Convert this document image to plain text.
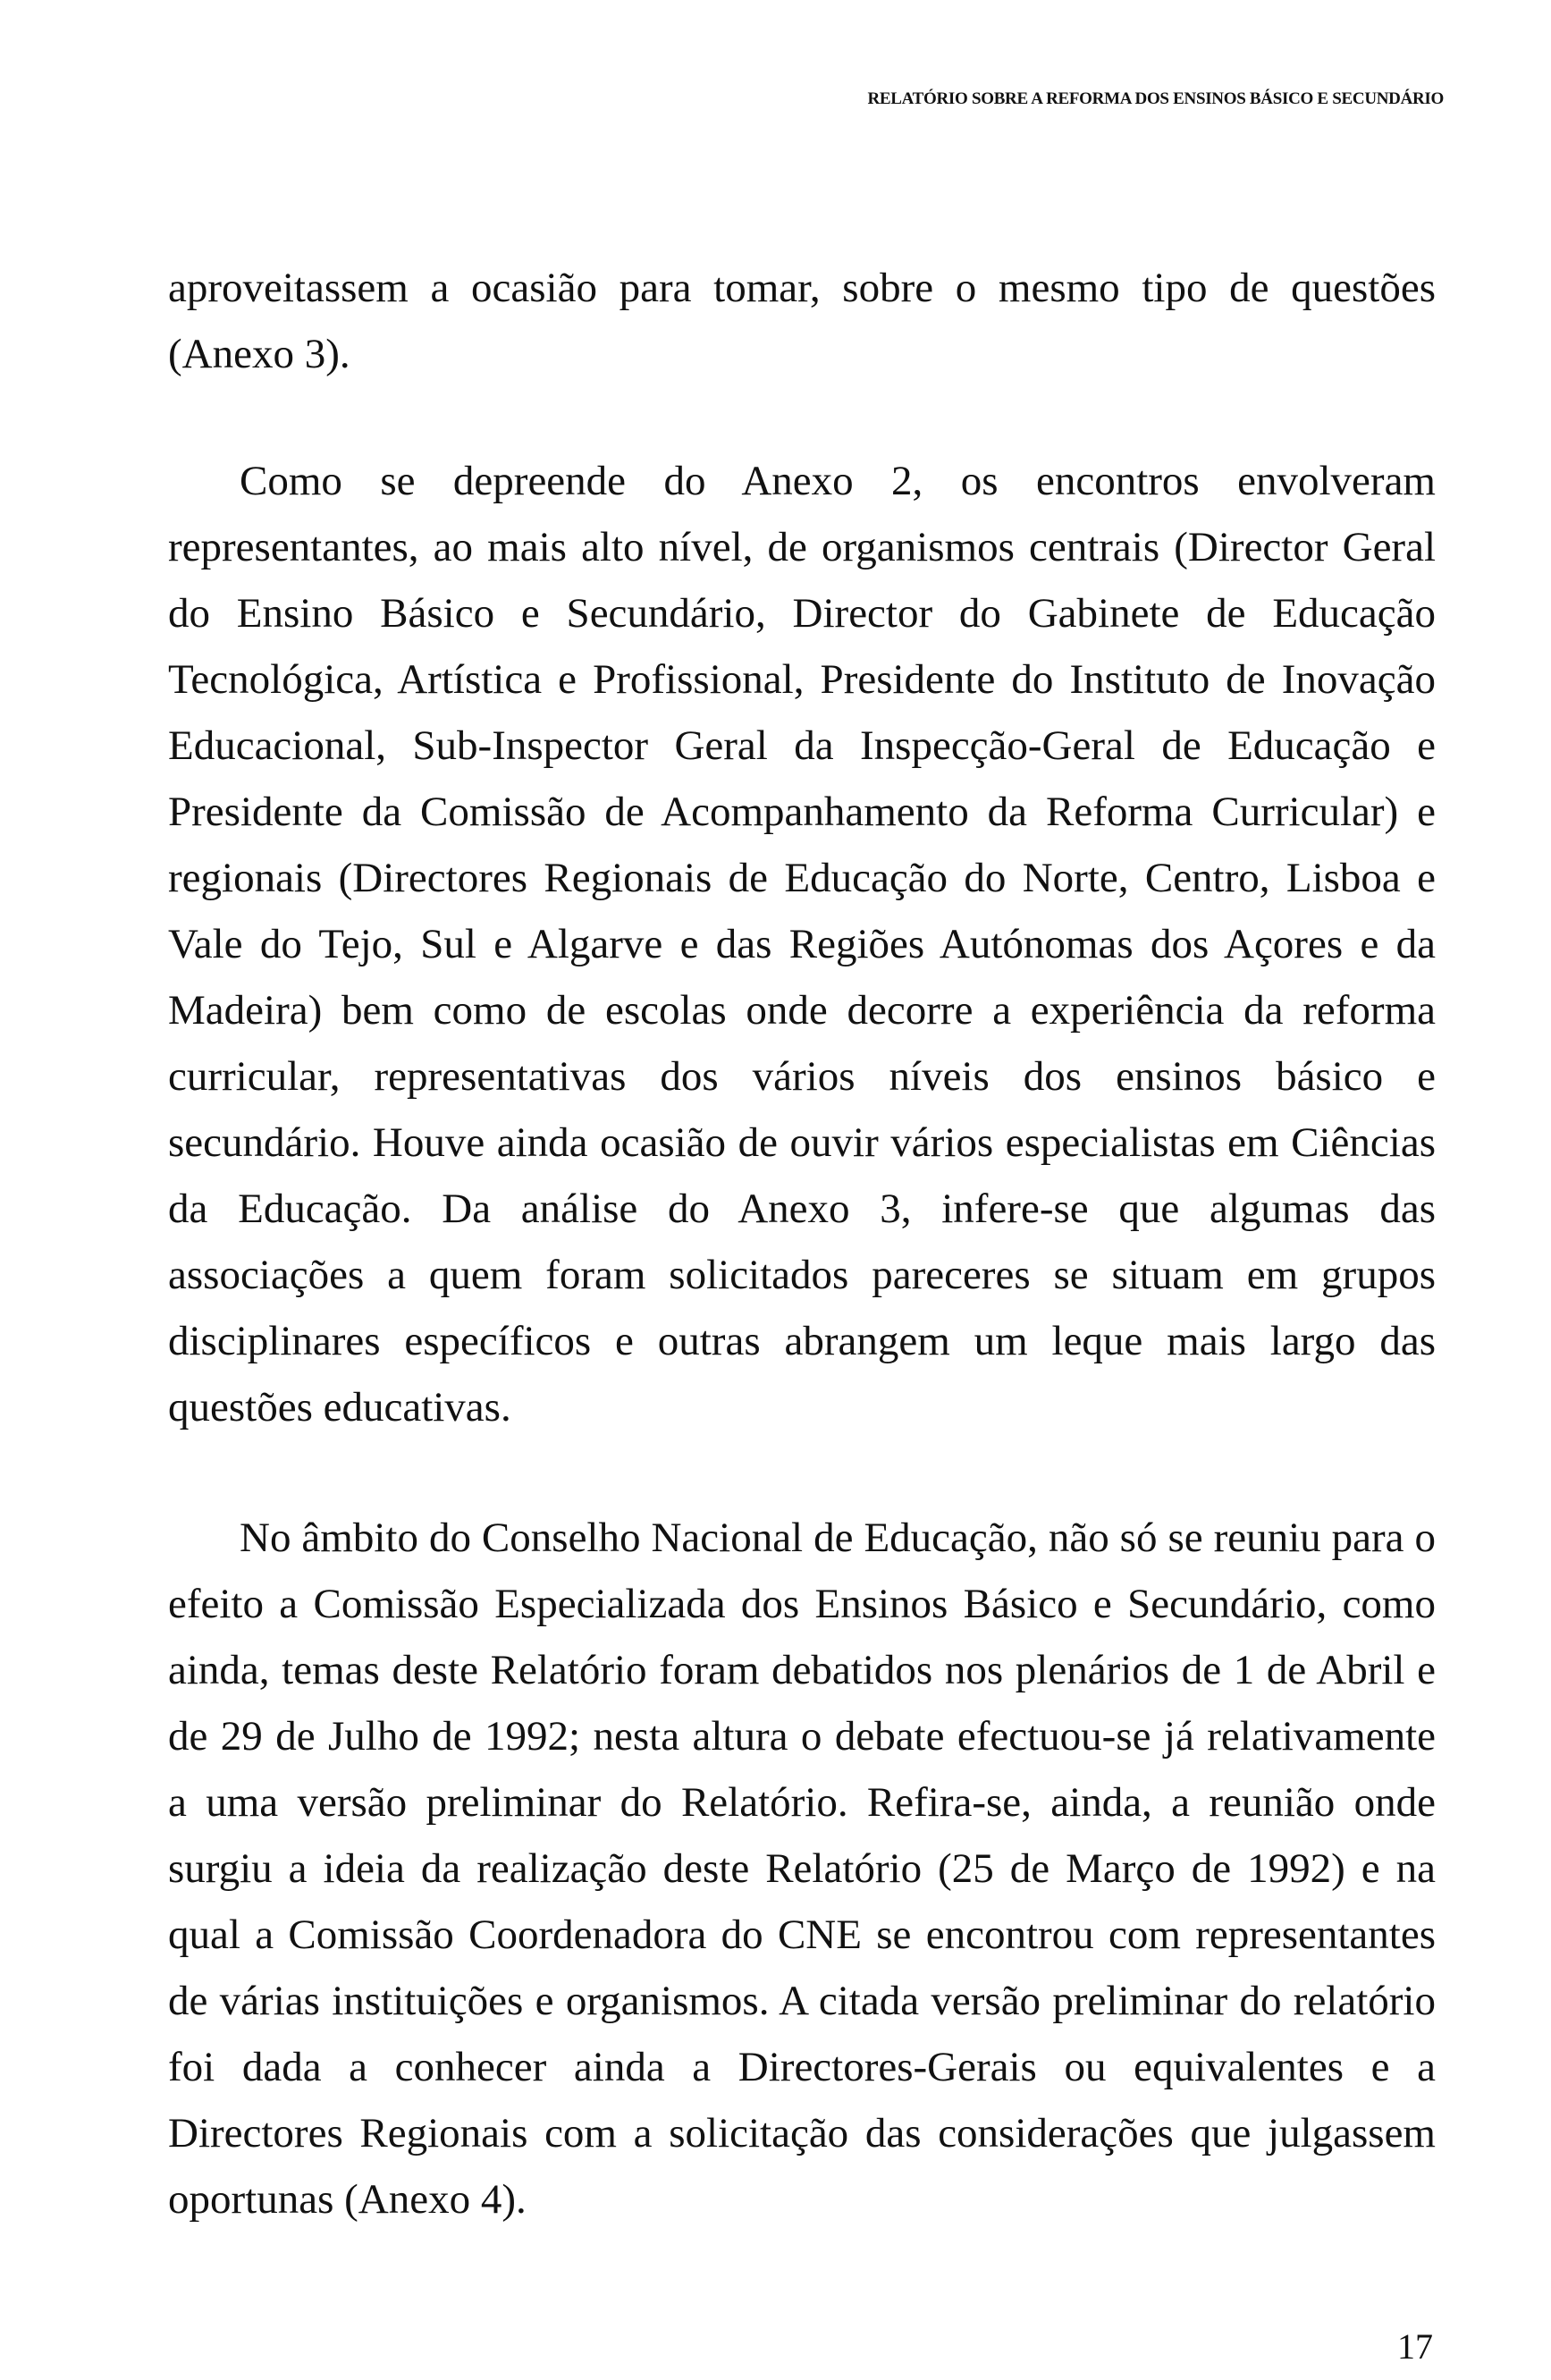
RELATÓRIO SOBRE A REFORMA DOS ENSINOS BÁSICO E SECUNDÁRIO

aproveitassem a ocasião para tomar, sobre o mesmo tipo de questões (Anexo 3).

Como se depreende do Anexo 2, os encontros envolveram representantes, ao mais alto nível, de organismos centrais (Director Geral do Ensino Básico e Secundário, Director do Gabinete de Educação Tecnológica, Artística e Profissional, Presidente do Instituto de Inovação Educacional, Sub-Inspector Geral da Inspecção-Geral de Educação e Presidente da Comissão de Acompanhamento da Reforma Curricular) e regionais (Directores Regionais de Educação do Norte, Centro, Lisboa e Vale do Tejo, Sul e Algarve e das Regiões Autónomas dos Açores e da Madeira) bem como de escolas onde decorre a experiência da reforma curricular, representativas dos vários níveis dos ensinos básico e secundário. Houve ainda ocasião de ouvir vários especialistas em Ciências da Educação. Da análise do Anexo 3, infere-se que algumas das associações a quem foram solicitados pareceres se situam em grupos disciplinares específicos e outras abrangem um leque mais largo das questões educativas.

No âmbito do Conselho Nacional de Educação, não só se reuniu para o efeito a Comissão Especializada dos Ensinos Básico e Secundário, como ainda, temas deste Relatório foram debatidos nos plenários de 1 de Abril e de 29 de Julho de 1992; nesta altura o debate efectuou-se já relativamente a uma versão preliminar do Relatório. Refira-se, ainda, a reunião onde surgiu a ideia da realização deste Relatório (25 de Março de 1992) e na qual a Comissão Coordenadora do CNE se encontrou com representantes de várias instituições e organismos. A citada versão preliminar do relatório foi dada a conhecer ainda a Directores-Gerais ou equivalentes e a Directores Regionais com a solicitação das considerações que julgassem oportunas (Anexo 4).

17
